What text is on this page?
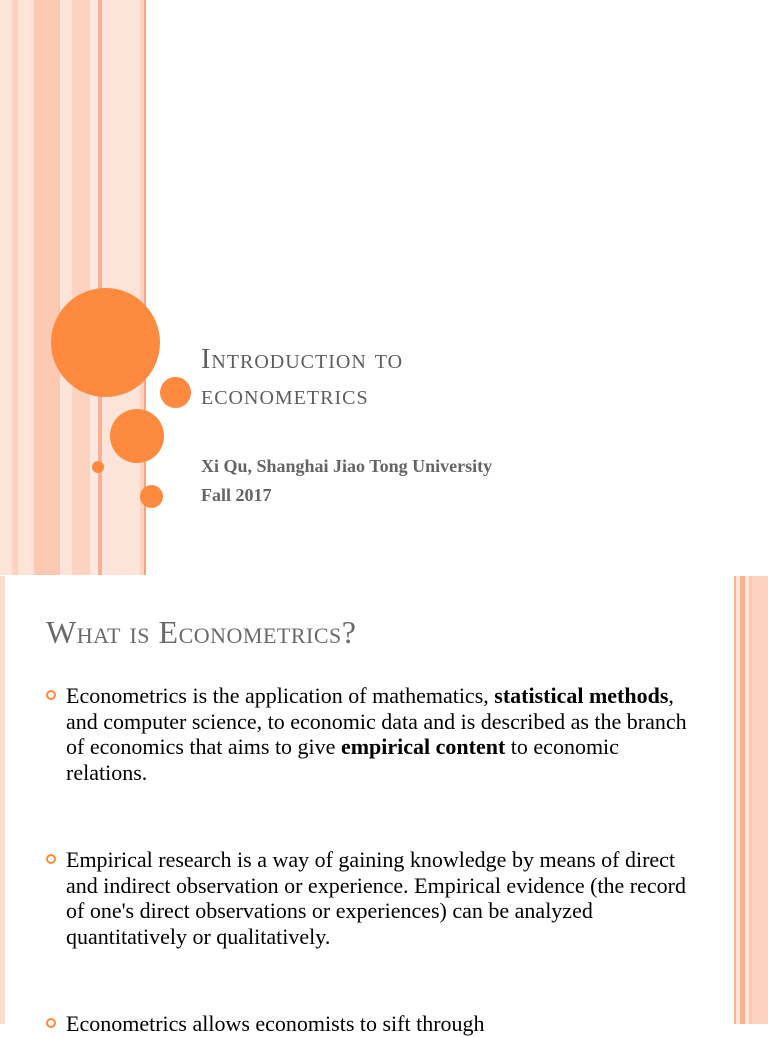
Introduction to
econometrics
Xi Qu, Shanghai Jiao Tong University
Fall 2017
What is Econometrics?
Econometrics is the application of mathematics, statistical methods, and computer science, to economic data and is described as the branch of economics that aims to give empirical content to economic relations.
Empirical research is a way of gaining knowledge by means of direct and indirect observation or experience. Empirical evidence (the record of one's direct observations or experiences) can be analyzed quantitatively or qualitatively.
Econometrics allows economists to sift through
